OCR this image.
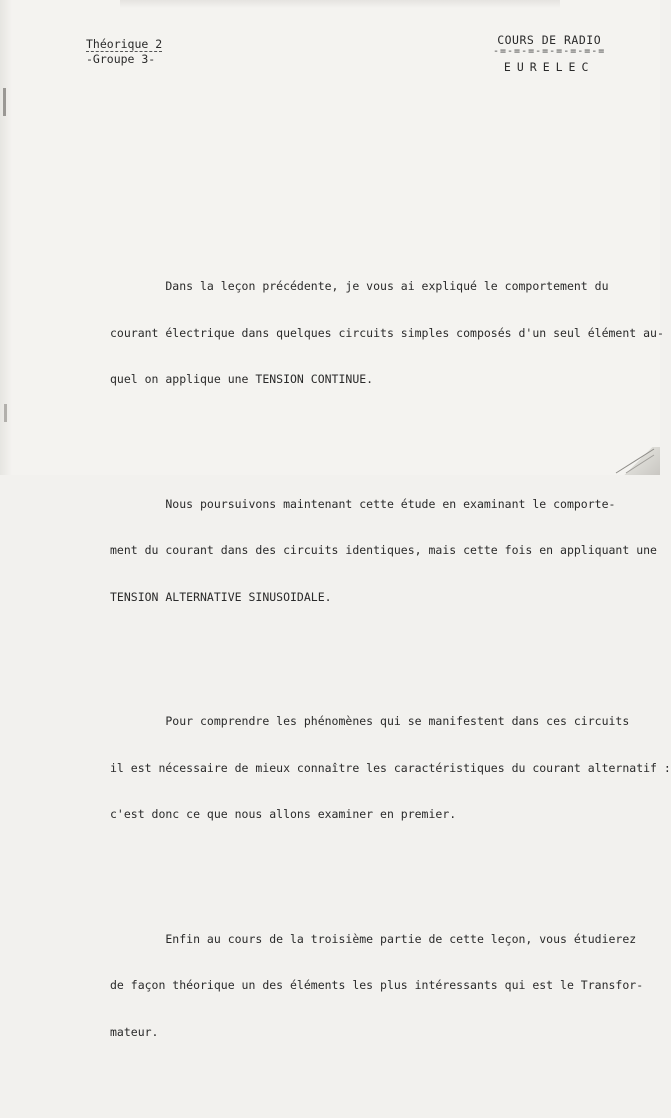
Théorique 2
-Groupe 3-
COURS DE RADIO
-=-=-=-=-=-=-=-=
EURELEC

Dans la leçon précédente, je vous ai expliqué le comportement du

courant électrique dans quelques circuits simples composés d'un seul élément au-

quel on applique une TENSION CONTINUE.

Nous poursuivons maintenant cette étude en examinant le comporte-

ment du courant dans des circuits identiques, mais cette fois en appliquant une

TENSION ALTERNATIVE SINUSOIDALE.

Pour comprendre les phénomènes qui se manifestent dans ces circuits

il est nécessaire de mieux connaître les caractéristiques du courant alternatif :

c'est donc ce que nous allons examiner en premier.

Enfin au cours de la troisième partie de cette leçon, vous étudierez

de façon théorique un des éléments les plus intéressants qui est le Transfor-

mateur.
